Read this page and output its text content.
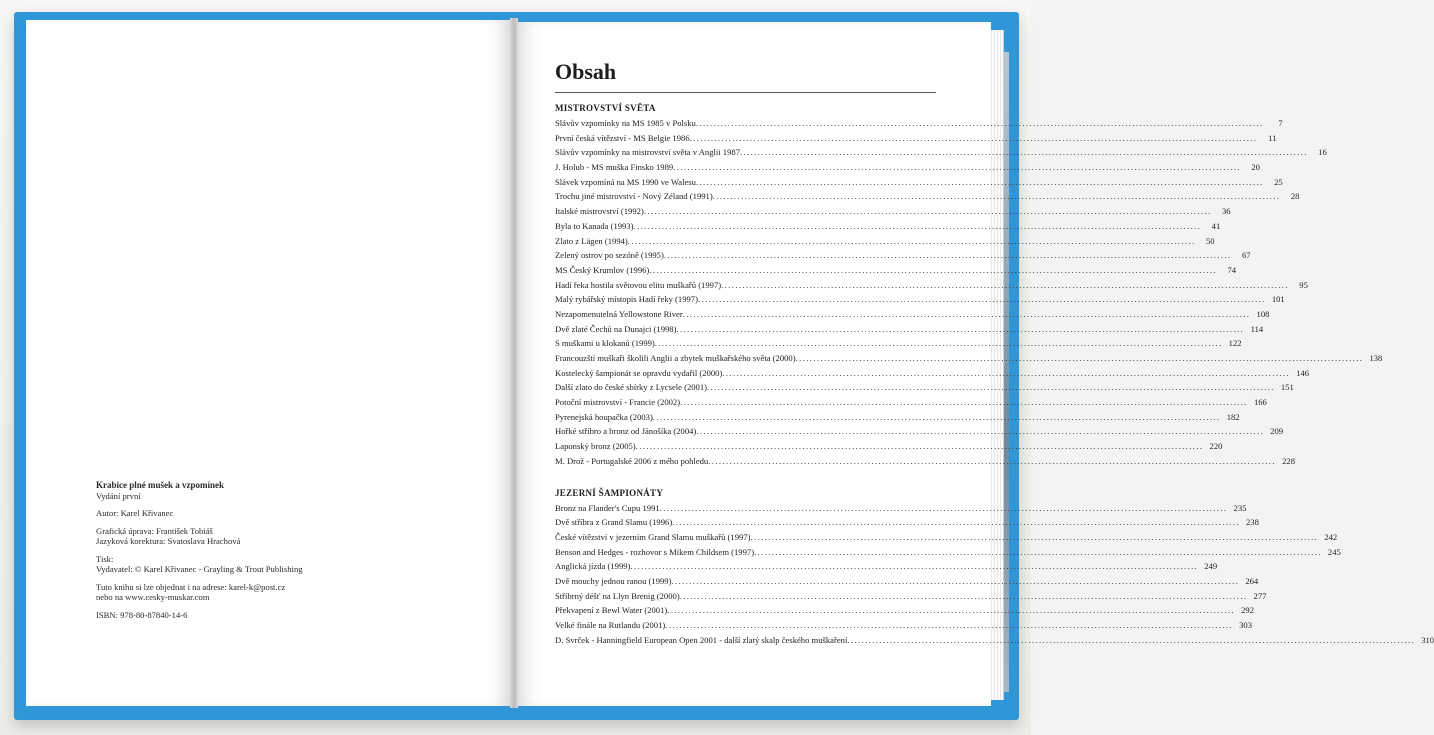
Krabice plné mušek a vzpomínek
Vydání první
Autor: Karel Křivanec
Grafická úprava: František Tobiáš
Jazyková korektura: Svatoslava Hrachová
Tisk:
Vydavatel: © Karel Křivanec - Grayling & Trout Publishing
Tuto knihu si lze objednat i na adrese: karel-k@post.cz
nebo na www.cesky-muskar.com
ISBN: 978-80-87840-14-6
Obsah
MISTROVSTVÍ SVĚTA
Slávův vzpomínky na MS 1985 v Polsku ................................................................................................................................................................	7
První česká vítězství - MS Belgie 1986 ................................................................................................................................................................	11
Slávův vzpomínky na mistrovství světa v Anglii 1987 ................................................................................................................................................................	16
J. Holub - MS muška Finsko 1989 ................................................................................................................................................................	20
Slávek vzpomíná na MS 1990 ve Walesu ................................................................................................................................................................	25
Trochu jiné mistrovství - Nový Zéland (1991) ................................................................................................................................................................	28
Italské mistrovství (1992) ................................................................................................................................................................	36
Byla to Kanada (1993) ................................................................................................................................................................	41
Zlato z Lägen (1994) ................................................................................................................................................................	50
Zelený ostrov po sezóně (1995) ................................................................................................................................................................	67
MS Český Krumlov (1996) ................................................................................................................................................................	74
Hadí řeka hostila světovou elitu muškařů (1997) ................................................................................................................................................................	95
Malý rybářský místopis Hadí řeky (1997) ................................................................................................................................................................ 101
Nezapomenutelná Yellowstone River ................................................................................................................................................................ 108
Dvě zlaté Čechů na Dunajci (1998) ................................................................................................................................................................ 114
S muškami u klokanů (1999) ................................................................................................................................................................ 122
Francouzští muškaři školili Anglii a zbytek muškařského světa (2000) ................................................................................................................................................................ 138
Kostelecký šampionát se opravdu vydařil (2000) ................................................................................................................................................................ 146
Další zlato do české sbírky z Lycsele (2001) ................................................................................................................................................................ 151
Potoční mistrovství - Francie (2002) ................................................................................................................................................................ 166
Pyrenejská houpačka (2003) ................................................................................................................................................................ 182
Hořké stříbro a bronz od Jánošíka (2004) ................................................................................................................................................................ 209
Laponský bronz (2005) ................................................................................................................................................................ 220
M. Drož - Portugalské 2006 z mého pohledu ................................................................................................................................................................ 228
JEZERNÍ ŠAMPIONÁTY
Bronz na Flander's Cupu 1991 ................................................................................................................................................................ 235
Dvě stříbra z Grand Slamu (1996) ................................................................................................................................................................ 238
České vítězství v jezerním Grand Slamu muškařů (1997) ................................................................................................................................................................ 242
Benson and Hedges - rozhovor s Mikem Childsem (1997) ................................................................................................................................................................ 245
Anglická jízda (1999) ................................................................................................................................................................ 249
Dvě mouchy jednou ranou (1999) ................................................................................................................................................................ 264
Stříbrný déšť na Llyn Brenig (2000) ................................................................................................................................................................ 277
Překvapení z Bewl Water (2001) ................................................................................................................................................................ 292
Velké finále na Rutlandu (2001) ................................................................................................................................................................ 303
D. Svrček - Hanningfield European Open 2001 - další zlatý skalp českého muškaření ................................................................................................................................................................ 310
